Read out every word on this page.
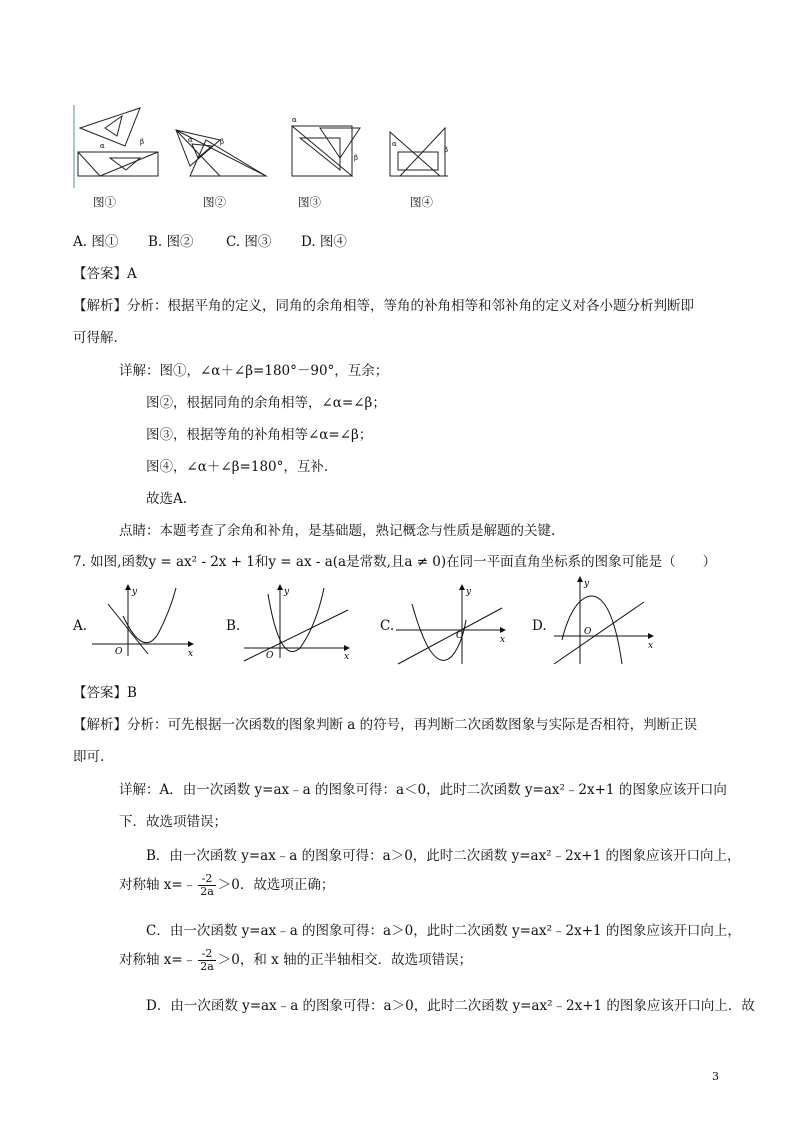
α	β	α	β
α
β
α
β
图①	图②	图③	图④
A. 图① B. 图② C. 图③ D. 图④
【答案】A
【解析】分析：根据平角的定义，同角的余角相等，等角的补角相等和邻补角的定义对各小题分析判断即
可得解.
详解：图①，∠α＋∠β=180°－90°，互余；
图②，根据同角的余角相等，∠α=∠β；
图③，根据等角的补角相等∠α=∠β；
图④，∠α＋∠β=180°，互补.
故选A.
点睛：本题考查了余角和补角，是基础题，熟记概念与性质是解题的关键.
7. 如图,函数y = ax² - 2x + 1和y = ax - a(a是常数,且a ≠ 0)在同一平面直角坐标系的图象可能是（　　）
A.	B.	C.	D.
y
x
O
y
x
O
y
x
O
y
x
O
【答案】B
【解析】分析：可先根据一次函数的图象判断 a 的符号，再判断二次函数图象与实际是否相符，判断正误
即可.
详解：A．由一次函数 y=ax﹣a 的图象可得：a＜0，此时二次函数 y=ax²﹣2x+1 的图象应该开口向
下．故选项错误；
B．由一次函数 y=ax﹣a 的图象可得：a＞0，此时二次函数 y=ax²﹣2x+1 的图象应该开口向上，
对称轴 x=﹣ $\frac{-2}{2a} >0$．故选项正确；
C．由一次函数 y=ax﹣a 的图象可得：a＞0，此时二次函数 y=ax²﹣2x+1 的图象应该开口向上，
对称轴 x=﹣ $\frac{-2}{2a} >0$，和 x 轴的正半轴相交．故选项错误；
D．由一次函数 y=ax﹣a 的图象可得：a＞0，此时二次函数 y=ax²﹣2x+1 的图象应该开口向上．故
3
